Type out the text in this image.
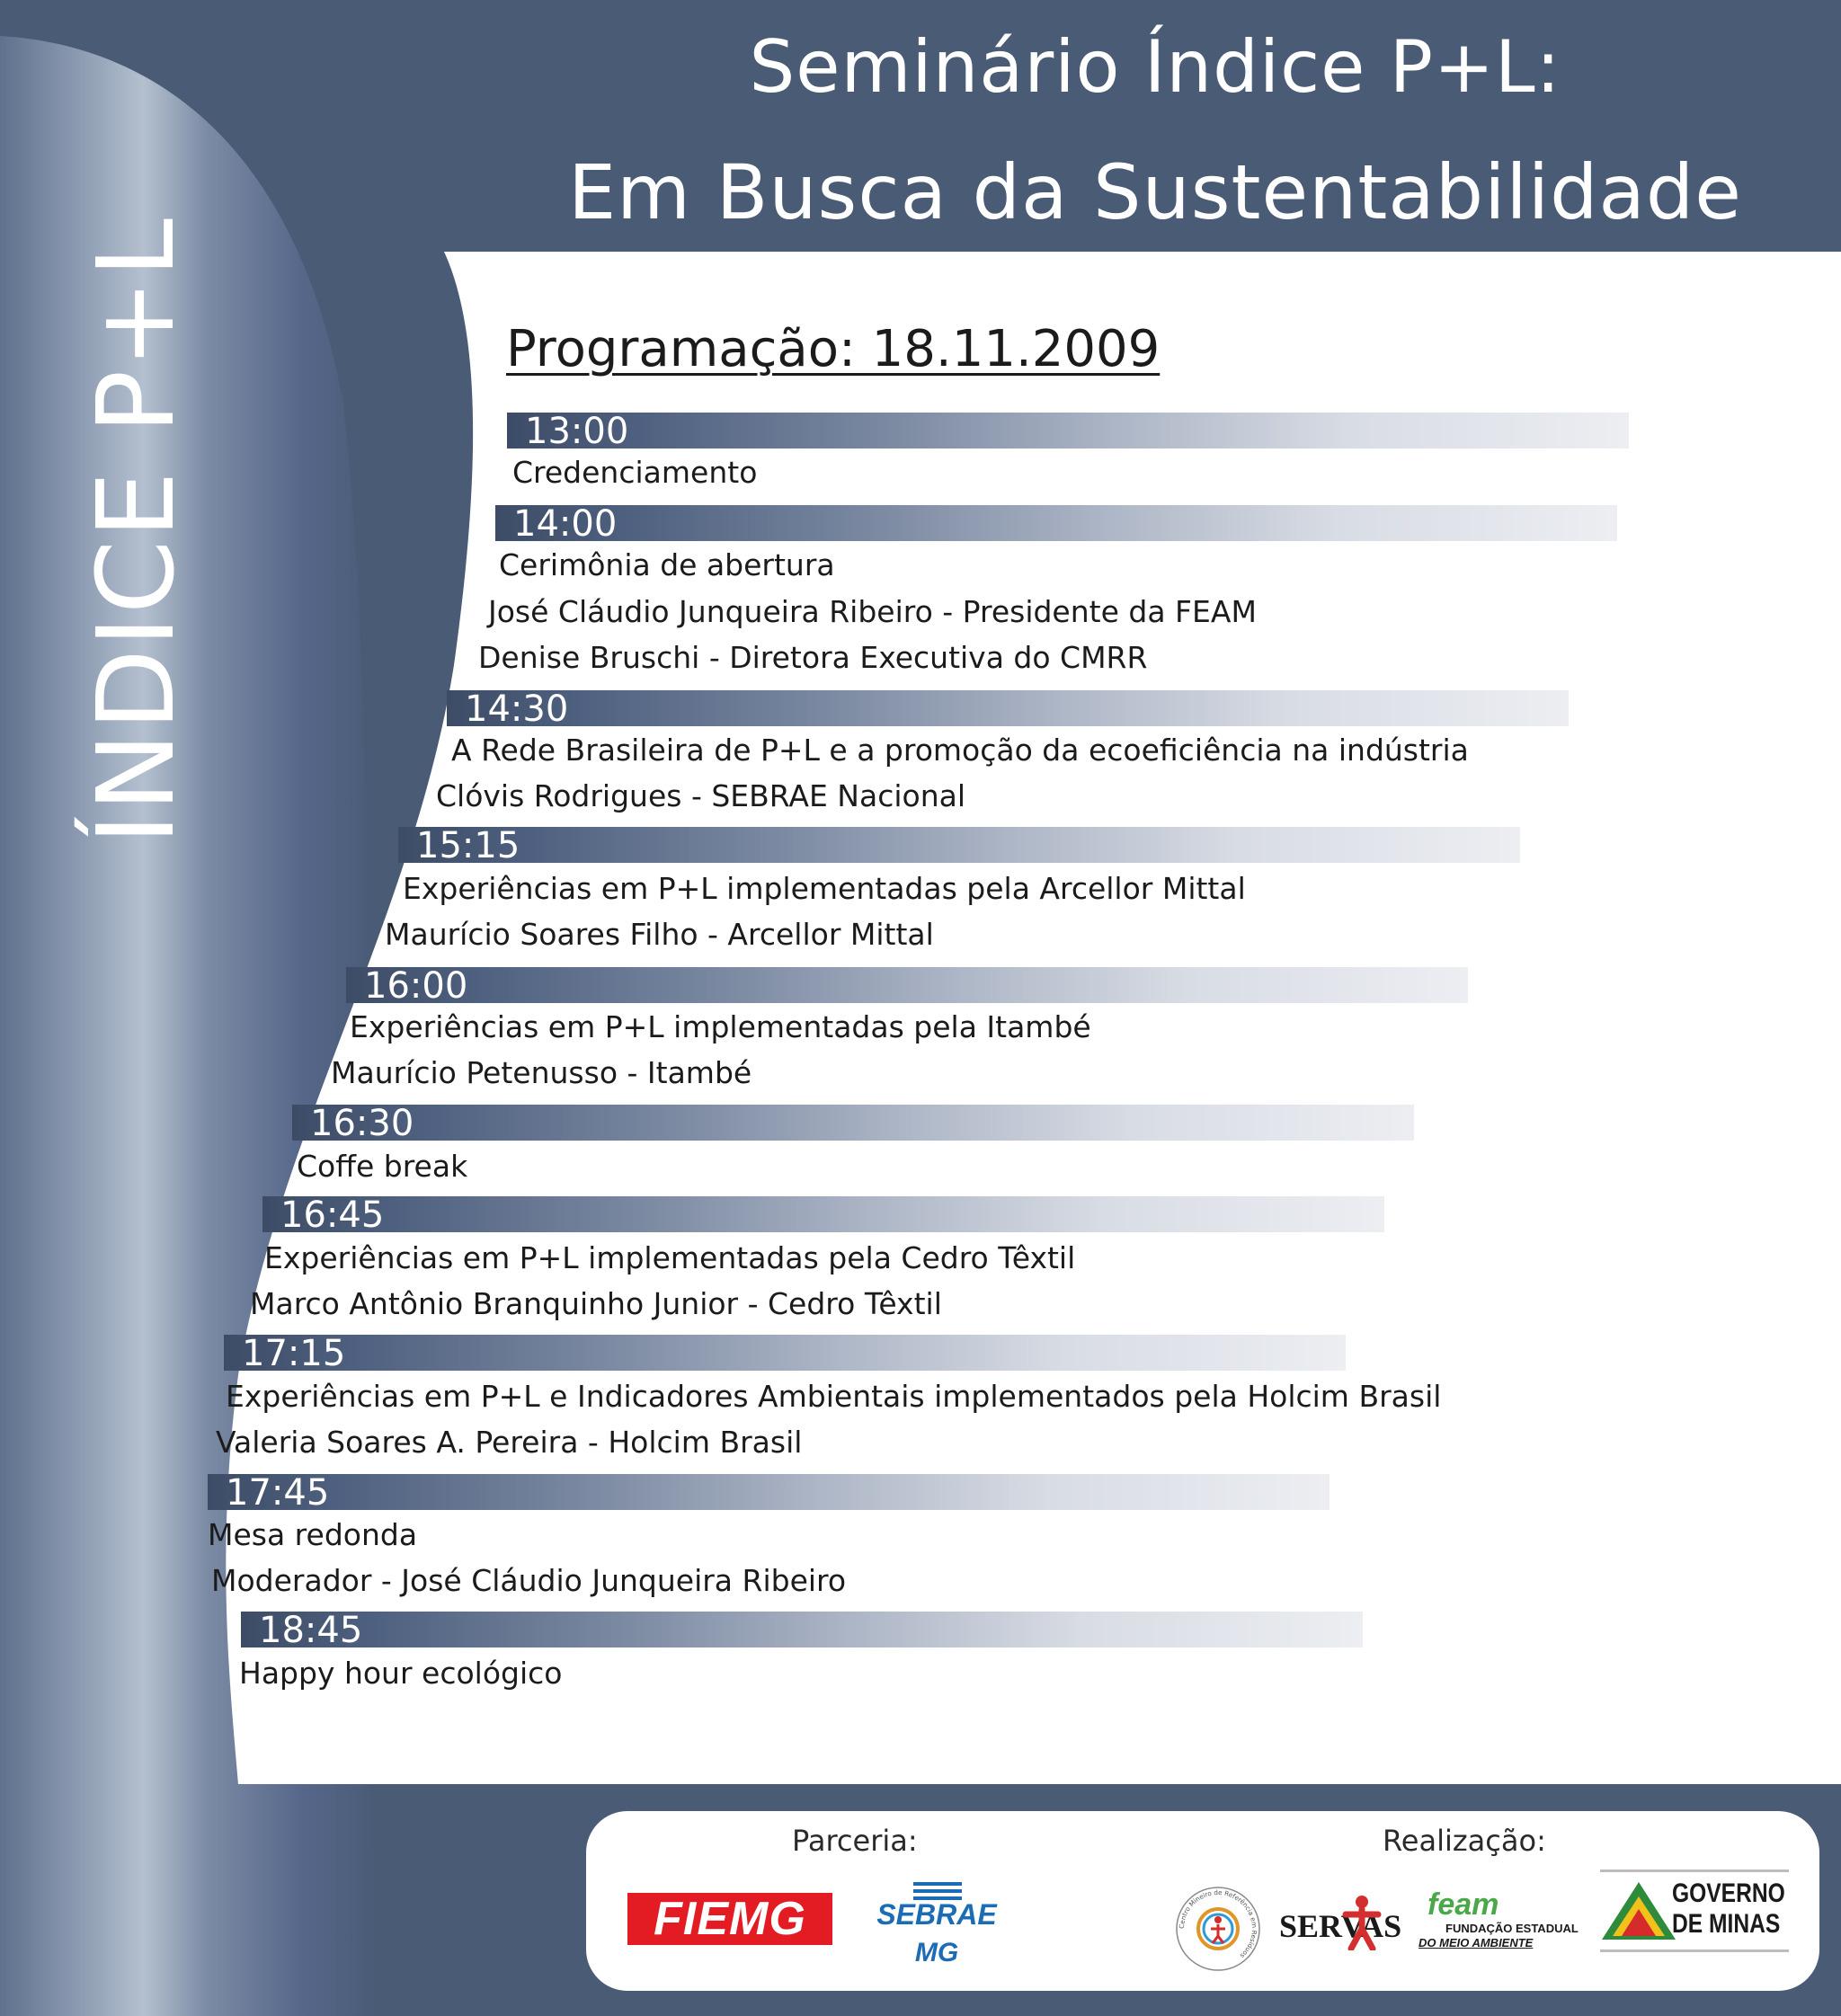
Seminário Índice P+L:
Em Busca da Sustentabilidade
ÍNDICE P+L	Programação: 18.11.2009
13:00
Credenciamento
14:00
Cerimônia de abertura
José Cláudio Junqueira Ribeiro - Presidente da FEAM
Denise Bruschi - Diretora Executiva do CMRR
14:30
A Rede Brasileira de P+L e a promoção da ecoeficiência na indústria
Clóvis Rodrigues - SEBRAE Nacional
15:15
Experiências em P+L implementadas pela Arcellor Mittal
Maurício Soares Filho - Arcellor Mittal
16:00
Experiências em P+L implementadas pela Itambé
Maurício Petenusso - Itambé
16:30
Coffe break
16:45
Experiências em P+L implementadas pela Cedro Têxtil
Marco Antônio Branquinho Junior - Cedro Têxtil
17:15
Experiências em P+L e Indicadores Ambientais implementados pela Holcim Brasil
Valeria Soares A. Pereira - Holcim Brasil
17:45
Mesa redonda
Moderador - José Cláudio Junqueira Ribeiro
18:45
Happy hour ecológico
Parceria:	Realização:
FIEMG SEBRAE
MG
Centro Mineiro de Referência em Resíduos
SERVAS
feam
FUNDAÇÃO ESTADUAL
DO MEIO AMBIENTE
GOVERNO
DE MINAS
